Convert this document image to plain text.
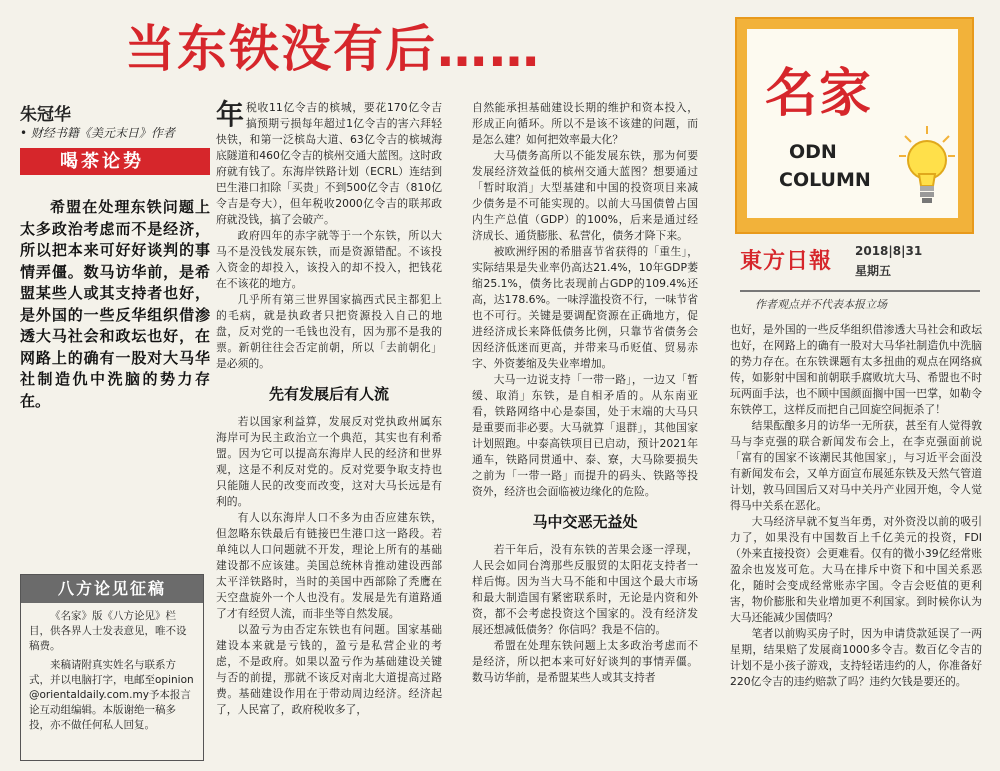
当东铁没有后……
朱冠华
• 财经书籍《美元末日》作者
喝茶论势

希盟在处理东铁问题上太多政治考虑而不是经济，所以把本来可好好谈判的事情弄僵。数马访华前，是希盟某些人或其支持者也好，是外国的一些反华组织借渗透大马社会和政坛也好，在网路上的确有一股对大马华社制造仇中洗脑的势力存在。

八方论见征稿

《名家》版《八方论见》栏目，供各界人士发表意见，唯不设稿费。

来稿请附真实姓名与联系方式，并以电脑打字，电邮至opinion@orientaldaily.com.my予本报言论互动组编辑。本版谢绝一稿多投，亦不做任何私人回复。

年 税收11亿令吉的槟城，要花170亿令吉搞预期亏损每年超过1亿令吉的害六拜轻快铁，和第一泛槟岛大道、63亿令吉的槟城海底隧道和460亿令吉的槟州交通大蓝图。这时政府就有钱了。东海岸铁路计划（ECRL）连结到巴生港口扣除「买贵」不到500亿令吉（810亿令吉是夸大），但年税收2000亿令吉的联邦政府就没钱，搞了会破产。

政府四年的赤字就等于一个东铁，所以大马不是没钱发展东铁，而是资源错配。不该投入资金的却投入，该投入的却不投入，把钱花在不该花的地方。

几乎所有第三世界国家搞西式民主都犯上的毛病，就是执政者只把资源投入自己的地盘，反对党的一毛钱也没有，因为那不是我的票。新朝往往会否定前朝，所以「去前朝化」是必须的。

先有发展后有人流

若以国家利益算，发展反对党执政州属东海岸可为民主政治立一个典范，其实也有利希盟。因为它可以提高东海岸人民的经济和世界观，这是不利反对党的。反对党要争取支持也只能随人民的改变而改变，这对大马长远是有利的。

有人以东海岸人口不多为由否应建东铁，但忽略东铁最后有链接巴生港口这一路段。若单纯以人口问题就不开发，理论上所有的基础建设都不应该建。美国总统林肯推动建设西部太平洋铁路时，当时的美国中西部除了秃鹰在天空盘旋外一个人也没有。发展是先有道路通了才有经贸人流，而非坐等自然发展。

以盈亏为由否定东铁也有问题。国家基础建设本来就是亏钱的，盈亏是私营企业的考虑，不是政府。如果以盈亏作为基础建设关键与否的前提，那就不该反对南北大道提高过路费。基础建设作用在于带动周边经济。经济起了，人民富了，政府税收多了，

自然能承担基础建设长期的维护和资本投入，形成正向循环。所以不是该不该建的问题，而是怎么建？如何把效率最大化？

大马债务高所以不能发展东铁，那为何要发展经济效益低的槟州交通大蓝图？想要通过「暂时取消」大型基建和中国的投资项目来减少债务是不可能实现的。以前大马国债曾占国内生产总值（GDP）的100%，后来是通过经济成长、通货膨胀、私营化，债务才降下来。

被欧洲纾困的希腊喜节省获得的「重生」，实际结果是失业率仍高达21.4%，10年GDP萎缩25.1%，债务比表现前占GDP的109.4%还高，达178.6%。一味浮滥投资不行，一味节省也不可行。关键是要调配资源在正确地方，促进经济成长来降低债务比例，只靠节省债务会因经济低迷而更高，并带来马币贬值、贸易赤字、外资萎缩及失业率增加。

大马一边说支持「一带一路」，一边又「暂缓、取消」东铁，是自相矛盾的。从东南亚看，铁路网络中心是泰国，处于末端的大马只是重要而非必要。大马就算「退群」，其他国家计划照跑。中泰高铁项目已启动，预计2021年通车，铁路同贯通中、泰、寮，大马除要损失之前为「一带一路」而提升的码头、铁路等投资外，经济也会面临被边缘化的危险。

马中交恶无益处

若干年后，没有东铁的苦果会逐一浮现，人民会如同台湾那些反服贸的太阳花支持者一样后悔。因为当大马不能和中国这个最大市场和最大制造国有紧密联系时，无论是内资和外资，都不会考虑投资这个国家的。没有经济发展还想减低债务？你信吗？我是不信的。

希盟在处理东铁问题上太多政治考虑而不是经济，所以把本来可好好谈判的事情弄僵。数马访华前，是希盟某些人或其支持者

名家
ODN
COLUMN
東方日報 2018|8|31
星期五
作者观点并不代表本报立场

也好，是外国的一些反华组织借渗透大马社会和政坛也好，在网路上的确有一股对大马华社制造仇中洗脑的势力存在。在东铁课题有太多扭曲的观点在网络疯传，如影射中国和前朝联手腐败坑大马、希盟也不时玩两面手法，也不顾中国颜面搁中国一巴掌，如勒令东铁停工，这样反而把自己回旋空间扼杀了！

结果酝酿多月的访华一无所获，甚至有人觉得敦马与李克强的联合新闻发布会上，在李克强面前说「富有的国家不该潮民其他国家」，与习近平会面没有新闻发布会，又单方面宣布展延东铁及天然气管道计划，敦马回国后又对马中关丹产业园开炮，令人觉得马中关系在恶化。

大马经济早就不复当年勇，对外资没以前的吸引力了，如果没有中国数百上千亿美元的投资，FDI（外来直接投资）会更难看。仅有的微小39亿经常账盈余也岌岌可危。大马在排斥中资下和中国关系恶化，随时会变成经常账赤字国。令吉会贬值的更利害，物价膨胀和失业增加更不利国家。到时候你认为大马还能减少国债吗？

笔者以前购买房子时，因为申请贷款延误了一两星期，结果赔了发展商1000多令吉。数百亿令吉的计划不是小孩子游戏，支持轻诺违约的人，你准备好220亿令吉的违约赔款了吗？违约欠钱是要还的。
